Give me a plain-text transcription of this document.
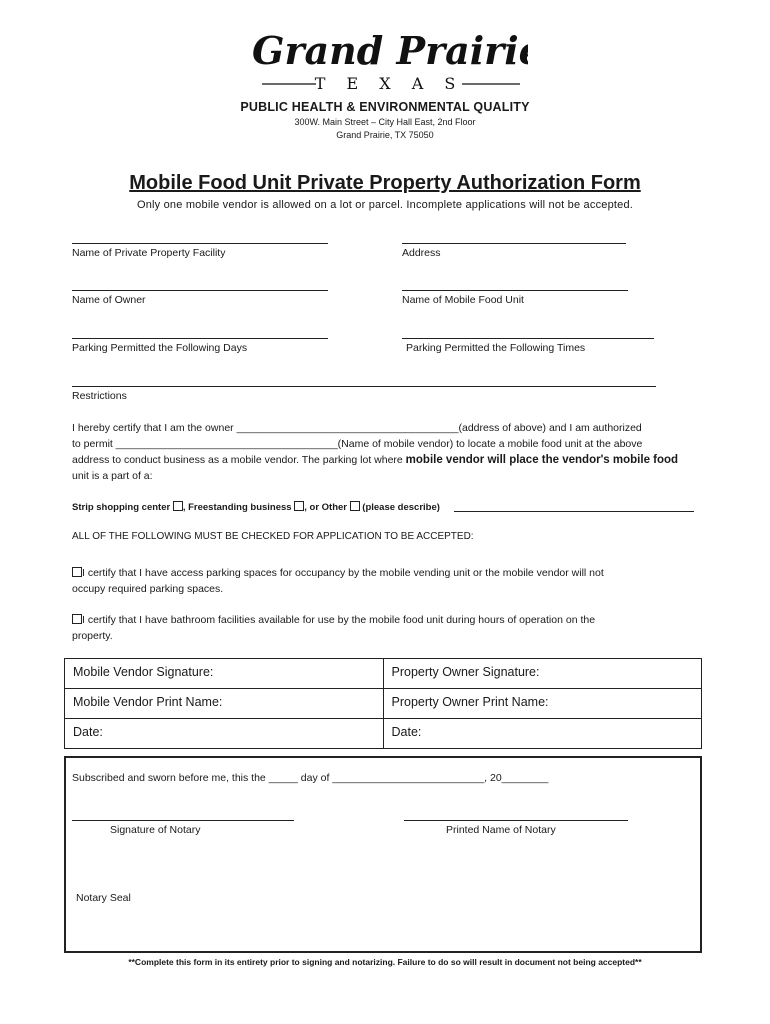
Grand Prairie
T E X A S
PUBLIC HEALTH & ENVIRONMENTAL QUALITY
300W. Main Street – City Hall East, 2nd Floor
Grand Prairie, TX 75050
Mobile Food Unit Private Property Authorization Form
Only one mobile vendor is allowed on a lot or parcel. Incomplete applications will not be accepted.
Name of Private Property Facility	Address
Name of Owner	Name of Mobile Food Unit
Parking Permitted the Following Days	Parking Permitted the Following Times
Restrictions
I hereby certify that I am the owner ______________________________________(address of above) and I am authorized
to permit ______________________________________(Name of mobile vendor) to locate a mobile food unit at the above
address to conduct business as a mobile vendor. The parking lot where mobile vendor will place the vendor's mobile food
unit is a part of a:
Strip shopping center , Freestanding business , or Other (please describe)
ALL OF THE FOLLOWING MUST BE CHECKED FOR APPLICATION TO BE ACCEPTED:
I certify that I have access parking spaces for occupancy by the mobile vending unit or the mobile vendor will not
occupy required parking spaces.
I certify that I have bathroom facilities available for use by the mobile food unit during hours of operation on the
property.
Mobile Vendor Signature:	Property Owner Signature:
Mobile Vendor Print Name:	Property Owner Print Name:
Date:	Date:
Subscribed and sworn before me, this the _____ day of __________________________, 20________
Signature of Notary	Printed Name of Notary
Notary Seal
**Complete this form in its entirety prior to signing and notarizing. Failure to do so will result in document not being accepted**
